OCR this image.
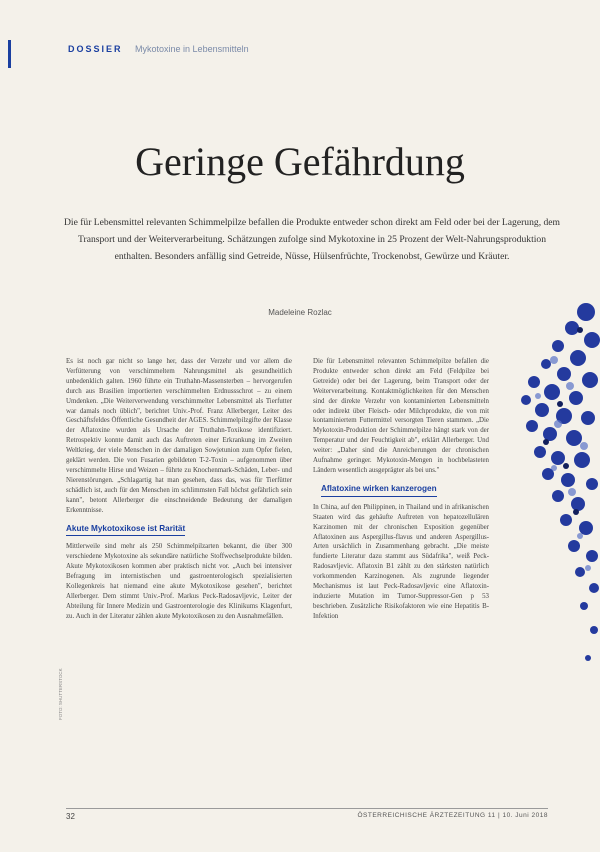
DOSSIER Mykotoxine in Lebensmitteln
Geringe Gefährdung
Die für Lebensmittel relevanten Schimmelpilze befallen die Produkte entweder schon direkt am Feld oder bei der Lagerung, dem Transport und der Weiterverarbeitung. Schätzungen zufolge sind Mykotoxine in 25 Prozent der Welt-Nahrungsproduktion enthalten. Besonders anfällig sind Getreide, Nüsse, Hülsenfrüchte, Trockenobst, Gewürze und Kräuter.
Madeleine Rozlac

Es ist noch gar nicht so lange her, dass der Verzehr und vor allem die Verfütterung von verschimmeltem Nahrungsmittel als gesundheitlich unbedenklich galten. 1960 führte ein Truthahn-Massensterben – hervorgerufen durch aus Brasilien importierten verschimmelten Erdnussschrot – zu einem Umdenken. „Die Weiterverwendung verschimmelter Lebensmittel als Tierfutter war damals noch üblich", berichtet Univ.-Prof. Franz Allerberger, Leiter des Geschäftsfeldes Öffentliche Gesundheit der AGES. Schimmelpilzgifte der Klasse der Aflatoxine wurden als Ursache der Truthahn-Toxikose identifiziert. Retrospektiv konnte damit auch das Auftreten einer Erkrankung im Zweiten Weltkrieg, der viele Menschen in der damaligen Sowjetunion zum Opfer fielen, geklärt werden. Die von Fusarien gebildeten T-2-Toxin – aufgenommen über verschimmelte Hirse und Weizen – führte zu Knochenmark-Schäden, Leber- und Nierenstörungen. „Schlagartig hat man gesehen, dass das, was für Tierfütter schädlich ist, auch für den Menschen im schlimmsten Fall höchst gefährlich sein kann", betont Allerberger die einschneidende Bedeutung der damaligen Erkenntnisse.

Akute Mykotoxikose ist Rarität

Mittlerweile sind mehr als 250 Schimmelpilzarten bekannt, die über 300 verschiedene Mykotoxine als sekundäre natürliche Stoffwechselprodukte bilden. Akute Mykotoxikosen kommen aber praktisch nicht vor. „Auch bei intensiver Befragung im internistischen und gastroenterologisch spezialisierten Kollegenkreis hat niemand eine akute Mykotoxikose gesehen", berichtet Allerberger. Dem stimmt Univ.-Prof. Markus Peck-Radosavljevic, Leiter der Abteilung für Innere Medizin und Gastroenterologie des Klinikums Klagenfurt, zu. Auch in der Literatur zählen akute Mykotoxikosen zu den Ausnahmefällen.

Die für Lebensmittel relevanten Schimmelpilze befallen die Produkte entweder schon direkt am Feld (Feldpilze bei Getreide) oder bei der Lagerung, beim Transport oder der Weiterverarbeitung. Kontaktmöglichkeiten für den Menschen sind der direkte Verzehr von kontaminierten Lebensmitteln oder indirekt über Fleisch- oder Milchprodukte, die von mit kontaminiertem Futtermittel versorgten Tieren stammen. „Die Mykotoxin-Produktion der Schimmelpilze hängt stark von der Temperatur und der Feuchtigkeit ab", erklärt Allerberger. Und weiter: „Daher sind die Anreicherungen der chronischen Aufnahme geringer. Mykotoxin-Mengen in hochbelasteten Ländern wesentlich ausgeprägter als bei uns."

Aflatoxine wirken kanzerogen

In China, auf den Philippinen, in Thailand und in afrikanischen Staaten wird das gehäufte Auftreten von hepatozellulären Karzinomen mit der chronischen Exposition gegenüber Aflatoxinen aus Aspergillus-flavus und anderen Aspergillus-Arten ursächlich in Zusammenhang gebracht. „Die meiste fundierte Literatur dazu stammt aus Südafrika", weiß Peck-Radosavljevic. Aflatoxin B1 zählt zu den stärksten natürlich vorkommenden Karzinogenen. Als zugrunde liegender Mechanismus ist laut Peck-Radosavljevic eine Aflatoxin-induzierte Mutation im Tumor-Suppressor-Gen p 53 beschrieben. Zusätzliche Risikofaktoren wie eine Hepatitis B-Infektion

FOTO: SHUTTERSTOCK
32	ÖSTERREICHISCHE ÄRZTEZEITUNG 11 | 10. Juni 2018
